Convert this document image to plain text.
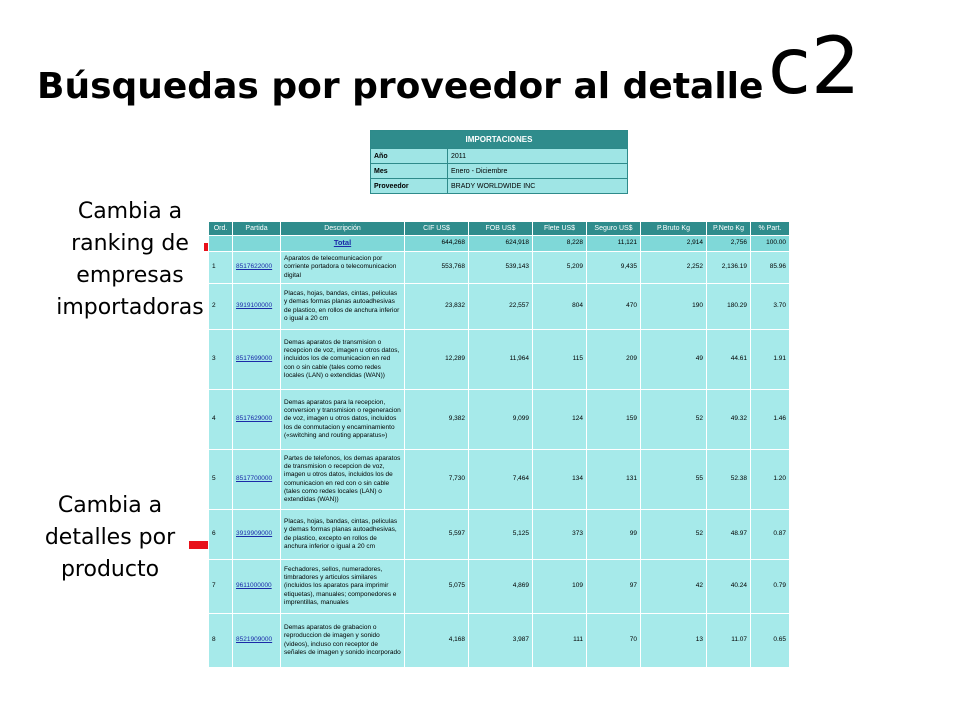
Búsquedas por proveedor al detalle c2
Cambia a
ranking de
empresas
importadoras
Cambia a
detalles por
producto
IMPORTACIONES	
Año	2011
Mes	Enero - Diciembre
Proveedor	BRADY WORLDWIDE INC
Ord.	Partida	Descripción	CIF US$	FOB US$	Flete US$	Seguro US$	P.Bruto Kg	P.Neto Kg	% Part.
		Total	644,268	624,918	8,228	11,121	2,914	2,756	100.00
1	8517622000	Aparatos de telecomunicacion por corriente portadora o telecomunicacion digital	553,768	539,143	5,209	9,435	2,252	2,136.19	85.96
2	3919100000	Placas, hojas, bandas, cintas, peliculas y demas formas planas autoadhesivas de plastico, en rollos de anchura inferior o igual a 20 cm	23,832	22,557	804	470	190	180.29	3.70
3	8517699000	Demas aparatos de transmision o recepcion de voz, imagen u otros datos, incluidos los de comunicacion en red con o sin cable (tales como redes locales (LAN) o extendidas (WAN))	12,289	11,964	115	209	49	44.61	1.91
4	8517629000	Demas aparatos para la recepcion, conversion y transmision o regeneracion de voz, imagen u otros datos, incluidos los de conmutacion y encaminamiento («switching and routing apparatus»)	9,382	9,099	124	159	52	49.32	1.46
5	8517700000	Partes de telefonos, los demas aparatos de transmision o recepcion de voz, imagen u otros datos, incluidos los de comunicacion en red con o sin cable (tales como redes locales (LAN) o extendidas (WAN))	7,730	7,464	134	131	55	52.38	1.20
6	3919909000	Placas, hojas, bandas, cintas, peliculas y demas formas planas autoadhesivas, de plastico, excepto en rollos de anchura inferior o igual a 20 cm	5,597	5,125	373	99	52	48.97	0.87
7	9611000000	Fechadores, sellos, numeradores, timbradores y articulos similares (incluidos los aparatos para imprimir etiquetas), manuales; componedores e imprentillas, manuales	5,075	4,869	109	97	42	40.24	0.79
8	8521909000	Demas aparatos de grabacion o reproduccion de imagen y sonido (videos), incluso con receptor de señales de imagen y sonido incorporado	4,168	3,987	111	70	13	11.07	0.65
